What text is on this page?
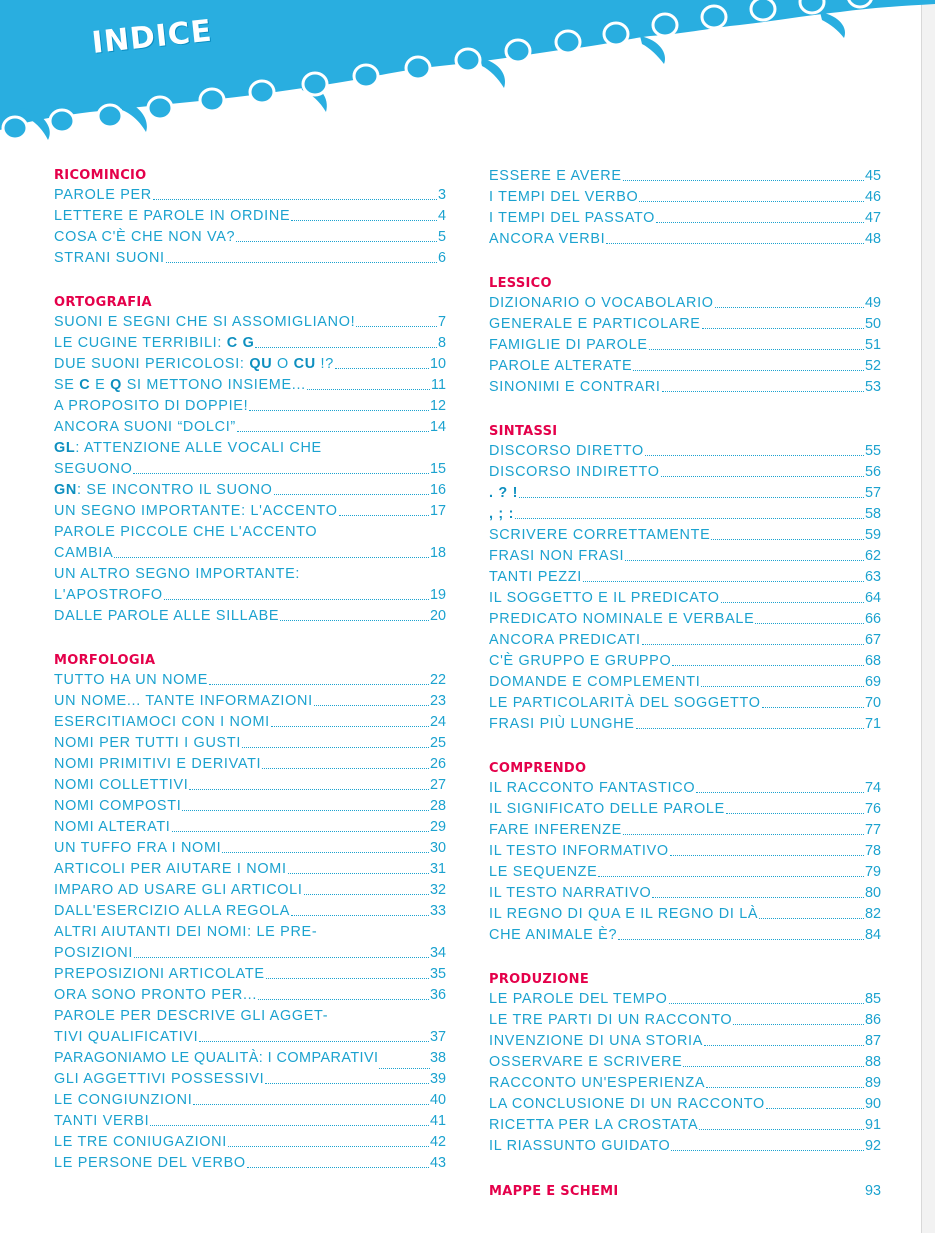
INDICE
RICOMINCIO
PAROLE PER	3
LETTERE E PAROLE IN ORDINE	4
COSA C'È CHE NON VA?	5
STRANI SUONI	6
ORTOGRAFIA
SUONI E SEGNI CHE SI ASSOMIGLIANO!	7
LE CUGINE TERRIBILI: C G	8
DUE SUONI PERICOLOSI: QU O CU !?	10
SE C E Q SI METTONO INSIEME...	11
A PROPOSITO DI DOPPIE!	12
ANCORA SUONI “DOLCI”	14
GL: ATTENZIONE ALLE VOCALI CHE
SEGUONO	15
GN: SE INCONTRO IL SUONO	16
UN SEGNO IMPORTANTE: L'ACCENTO	17
PAROLE PICCOLE CHE L'ACCENTO
CAMBIA	18
UN ALTRO SEGNO IMPORTANTE:
L'APOSTROFO	19
DALLE PAROLE ALLE SILLABE	20
MORFOLOGIA
TUTTO HA UN NOME	22
UN NOME... TANTE INFORMAZIONI	23
ESERCITIAMOCI CON I NOMI	24
NOMI PER TUTTI I GUSTI	25
NOMI PRIMITIVI E DERIVATI	26
NOMI COLLETTIVI	27
NOMI COMPOSTI	28
NOMI ALTERATI	29
UN TUFFO FRA I NOMI	30
ARTICOLI PER AIUTARE I NOMI	31
IMPARO AD USARE GLI ARTICOLI	32
DALL'ESERCIZIO ALLA REGOLA	33
ALTRI AIUTANTI DEI NOMI: LE PRE-
POSIZIONI	34
PREPOSIZIONI ARTICOLATE	35
ORA SONO PRONTO PER...	36
PAROLE PER DESCRIVE GLI AGGET-
TIVI QUALIFICATIVI	37
PARAGONIAMO LE QUALITÀ: I COMPARATIVI	38
GLI AGGETTIVI POSSESSIVI	39
LE CONGIUNZIONI	40
TANTI VERBI	41
LE TRE CONIUGAZIONI	42
LE PERSONE DEL VERBO	43
ESSERE E AVERE	45
I TEMPI DEL VERBO	46
I TEMPI DEL PASSATO	47
ANCORA VERBI	48
LESSICO
DIZIONARIO O VOCABOLARIO	49
GENERALE E PARTICOLARE	50
FAMIGLIE DI PAROLE	51
PAROLE ALTERATE	52
SINONIMI E CONTRARI	53
SINTASSI
DISCORSO DIRETTO	55
DISCORSO INDIRETTO	56
. ? !	57
, ; :	58
SCRIVERE CORRETTAMENTE	59
FRASI NON FRASI	62
TANTI PEZZI	63
IL SOGGETTO E IL PREDICATO	64
PREDICATO NOMINALE E VERBALE	66
ANCORA PREDICATI	67
C'È GRUPPO E GRUPPO	68
DOMANDE E COMPLEMENTI	69
LE PARTICOLARITÀ DEL SOGGETTO	70
FRASI PIÙ LUNGHE	71
COMPRENDO
IL RACCONTO FANTASTICO	74
IL SIGNIFICATO DELLE PAROLE	76
FARE INFERENZE	77
IL TESTO INFORMATIVO	78
LE SEQUENZE	79
IL TESTO NARRATIVO	80
IL REGNO DI QUA E IL REGNO DI LÀ	82
CHE ANIMALE È?	84
PRODUZIONE
LE PAROLE DEL TEMPO	85
LE TRE PARTI DI UN RACCONTO	86
INVENZIONE DI UNA STORIA	87
OSSERVARE E SCRIVERE	88
RACCONTO UN'ESPERIENZA	89
LA CONCLUSIONE DI UN RACCONTO	90
RICETTA PER LA CROSTATA	91
IL RIASSUNTO GUIDATO	92
MAPPE E SCHEMI	93
